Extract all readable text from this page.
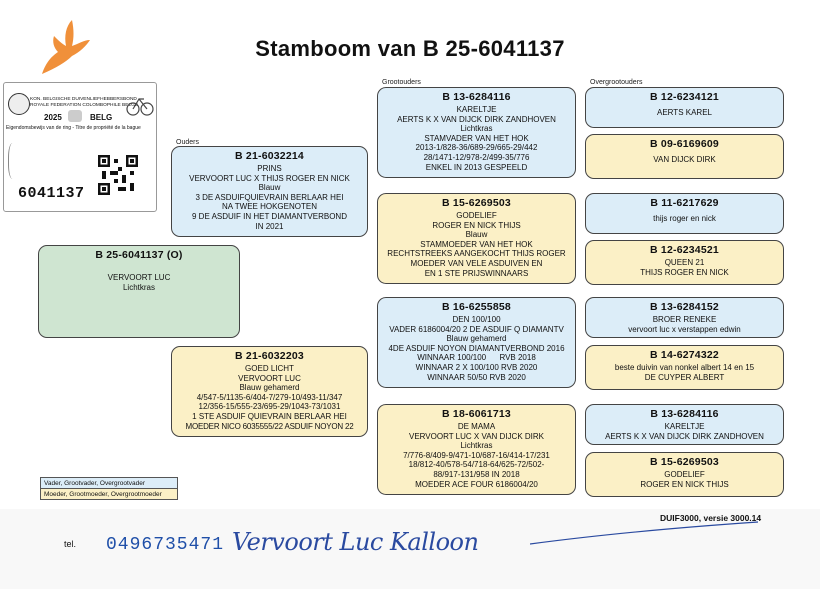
Stamboom van B 25-6041137
KON. BELGISCHE DUIVENLIEFHEBBERSBOND
ROYALE FEDERATION COLOMBOPHILE BELGE
2025	BELG
Eigendomsbewijs van de ring - Titre de propriété de la bague
6041137
Ouders
Grootouders	Overgrootouders
B 25-6041137 (O)
VERVOORT LUC
Lichtkras
B 21-6032214
PRINS
VERVOORT LUC X THIJS ROGER EN NICK
Blauw
3 DE ASDUIFQUIEVRAIN BERLAAR HEI
NA TWEE HOKGENOTEN
9 DE ASDUIF IN HET DIAMANTVERBOND
IN 2021
B 21-6032203
GOED LICHT
VERVOORT LUC
Blauw gehamerd
4/547-5/1135-6/404-7/279-10/493-11/347
12/356-15/555-23/695-29/1043-73/1031
1 STE ASDUIF QUIEVRAIN BERLAAR HEI
MOEDER NICO 6035555/22 ASDUIF NOYON 22
B 13-6284116
KARELTJE
AERTS K X VAN DIJCK DIRK ZANDHOVEN
Lichtkras
STAMVADER VAN HET HOK
2013-1/828-36/689-29/665-29/442
28/1471-12/978-2/499-35/776
ENKEL IN 2013 GESPEELD
B 15-6269503
GODELIEF
ROGER EN NICK THIJS
Blauw
STAMMOEDER VAN HET HOK
RECHTSTREEKS AANGEKOCHT THIJS ROGER
MOEDER VAN VELE ASDUIVEN EN
EN 1 STE PRIJSWINNAARS
B 16-6255858
DEN 100/100
VADER 6186004/20 2 DE ASDUIF Q DIAMANTV
Blauw gehamerd
4DE ASDUIF NOYON DIAMANTVERBOND 2016
WINNAAR 100/100      RVB 2018
WINNAAR 2 X 100/100 RVB 2020
WINNAAR 50/50 RVB 2020
B 18-6061713
DE MAMA
VERVOORT LUC X VAN DIJCK DIRK
Lichtkras
7/776-8/409-9/471-10/687-16/414-17/231
18/812-40/578-54/718-64/625-72/502-
88/917-131/958 IN 2018
MOEDER ACE FOUR 6186004/20
B 12-6234121
AERTS KAREL
B 09-6169609
VAN DIJCK DIRK
B 11-6217629
thijs roger en nick
B 12-6234521
QUEEN 21
THIJS ROGER EN NICK
B 13-6284152
BROER RENEKE
vervoort luc x verstappen edwin
B 14-6274322
beste duivin van nonkel albert 14 en 15
DE CUYPER ALBERT
B 13-6284116
KARELTJE
AERTS K X VAN DIJCK DIRK ZANDHOVEN
B 15-6269503
GODELIEF
ROGER EN NICK THIJS
Vader, Grootvader, Overgrootvader
Moeder, Grootmoeder, Overgrootmoeder
DUIF3000, versie 3000.14
tel. 0496735471 Vervoort Luc Kalloon
